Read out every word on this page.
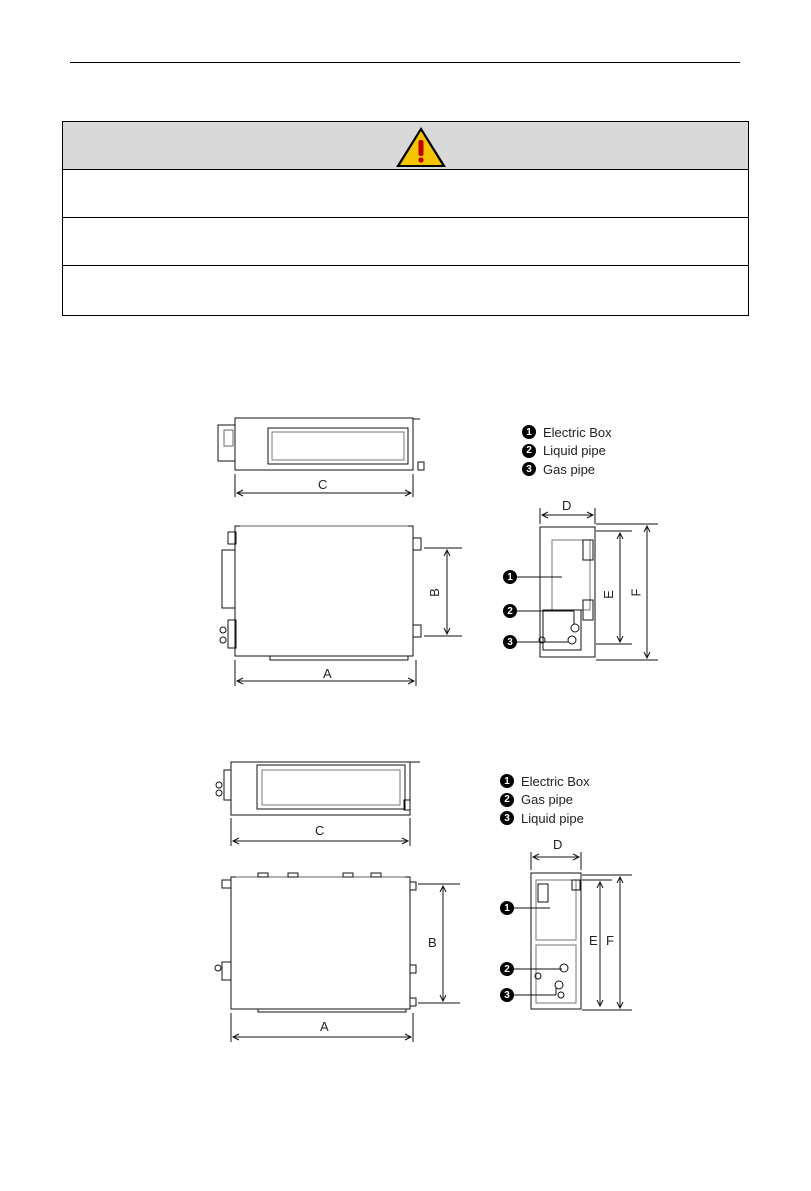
1 Electric Box
2 Liquid pipe
3 Gas pipe
1
2
3
C
A
B
D
E F
1 Electric Box
2 Gas pipe
3 Liquid pipe
1
2
3
C
A
B
D
E F
